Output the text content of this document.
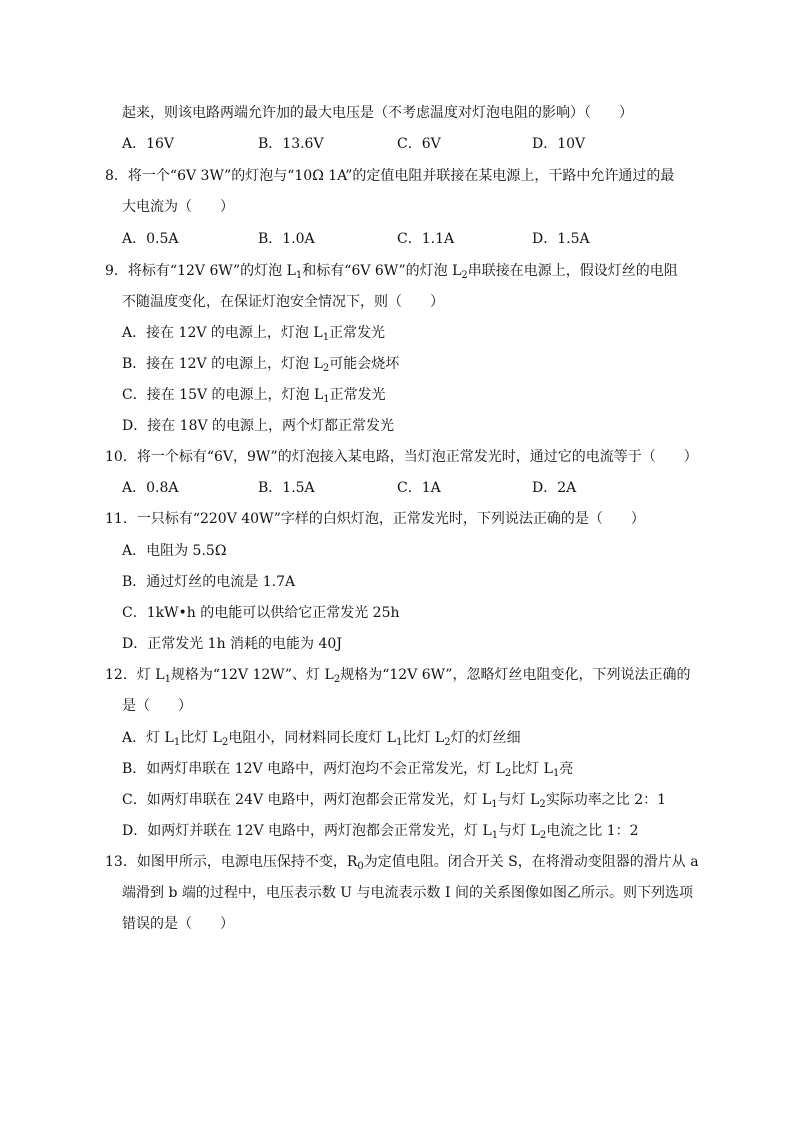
起来，则该电路两端允许加的最大电压是（不考虑温度对灯泡电阻的影响）（　　）
A．16V	B．13.6V	C．6V	D．10V
8．将一个“6V 3W”的灯泡与“10Ω 1A”的定值电阻并联接在某电源上，干路中允许通过的最
大电流为（　　）
A．0.5A	B．1.0A	C．1.1A	D．1.5A
9．将标有“12V 6W”的灯泡 $L_1$和标有“6V 6W”的灯泡 $L_2$串联接在电源上，假设灯丝的电阻
不随温度变化，在保证灯泡安全情况下，则（　　）
A．接在 12V 的电源上，灯泡 $L_1$正常发光
B．接在 12V 的电源上，灯泡 $L_2$可能会烧坏
C．接在 15V 的电源上，灯泡 $L_1$正常发光
D．接在 18V 的电源上，两个灯都正常发光
10．将一个标有“6V，9W”的灯泡接入某电路，当灯泡正常发光时，通过它的电流等于（　　）
A．0.8A	B．1.5A	C．1A	D．2A
11．一只标有“220V 40W”字样的白炽灯泡，正常发光时，下列说法正确的是（　　）
A．电阻为 5.5Ω
B．通过灯丝的电流是 1.7A
C．1kW•h 的电能可以供给它正常发光 25h
D．正常发光 1h 消耗的电能为 40J
12．灯 $L_1$规格为“12V 12W”、灯 $L_2$规格为“12V 6W”，忽略灯丝电阻变化，下列说法正确的
是（　　）
A．灯 $L_1$比灯 $L_2$电阻小，同材料同长度灯 $L_1$比灯 $L_2$灯的灯丝细
B．如两灯串联在 12V 电路中，两灯泡均不会正常发光，灯 $L_2$比灯 $L_1$亮
C．如两灯串联在 24V 电路中，两灯泡都会正常发光，灯 $L_1$与灯 $L_2$实际功率之比 2：1
D．如两灯并联在 12V 电路中，两灯泡都会正常发光，灯 $L_1$与灯 $L_2$电流之比 1：2
13．如图甲所示，电源电压保持不变，$R_0$为定值电阻。闭合开关 S，在将滑动变阻器的滑片从 a
端滑到 b 端的过程中，电压表示数 U 与电流表示数 I 间的关系图像如图乙所示。则下列选项
错误的是（　　）
